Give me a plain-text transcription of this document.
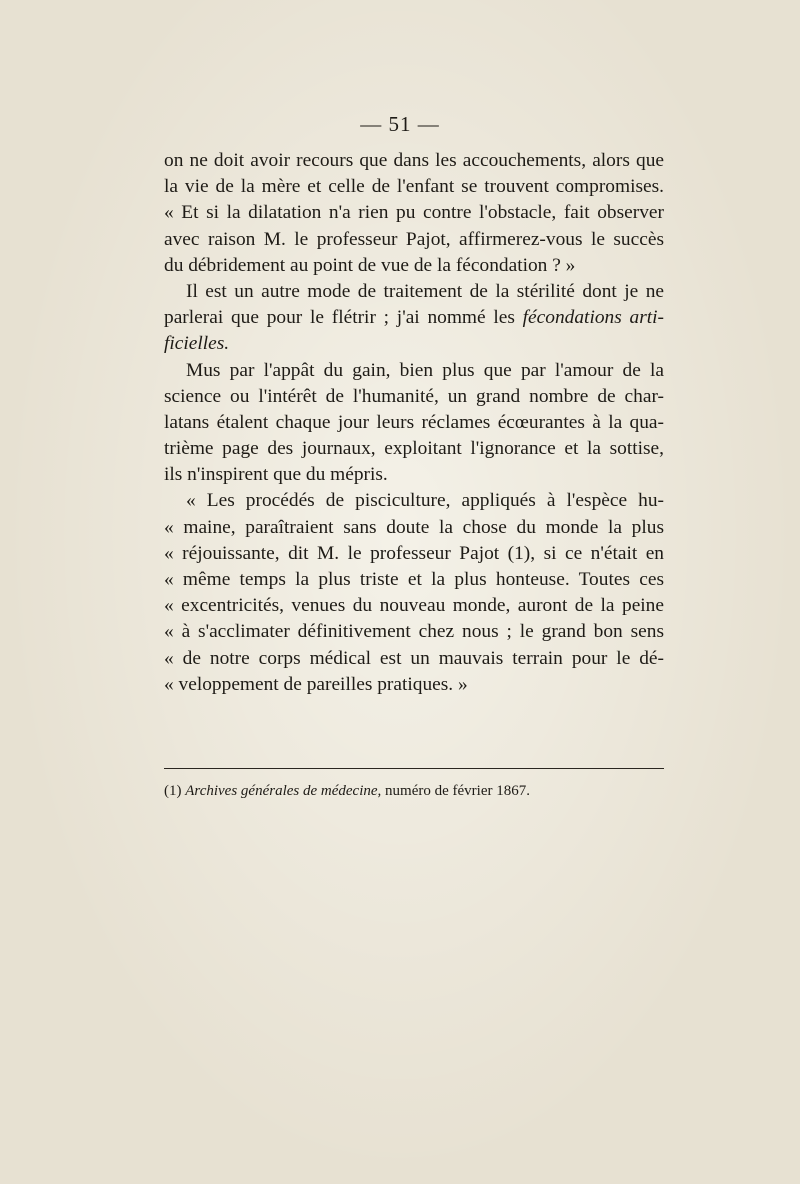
— 51 —
on ne doit avoir recours que dans les accouchements, alors que
la vie de la mère et celle de l'enfant se trouvent compromises.
« Et si la dilatation n'a rien pu contre l'obstacle, fait observer
avec raison M. le professeur Pajot, affirmerez-vous le succès
du débridement au point de vue de la fécondation ? »
Il est un autre mode de traitement de la stérilité dont je ne
parlerai que pour le flétrir ; j'ai nommé les fécondations arti-
ficielles.
Mus par l'appât du gain, bien plus que par l'amour de la
science ou l'intérêt de l'humanité, un grand nombre de char-
latans étalent chaque jour leurs réclames écœurantes à la qua-
trième page des journaux, exploitant l'ignorance et la sottise,
ils n'inspirent que du mépris.
« Les procédés de pisciculture, appliqués à l'espèce hu-
« maine, paraîtraient sans doute la chose du monde la plus
« réjouissante, dit M. le professeur Pajot (1), si ce n'était en
« même temps la plus triste et la plus honteuse. Toutes ces
« excentricités, venues du nouveau monde, auront de la peine
« à s'acclimater définitivement chez nous ; le grand bon sens
« de notre corps médical est un mauvais terrain pour le dé-
« veloppement de pareilles pratiques. »
(1) Archives générales de médecine, numéro de février 1867.
